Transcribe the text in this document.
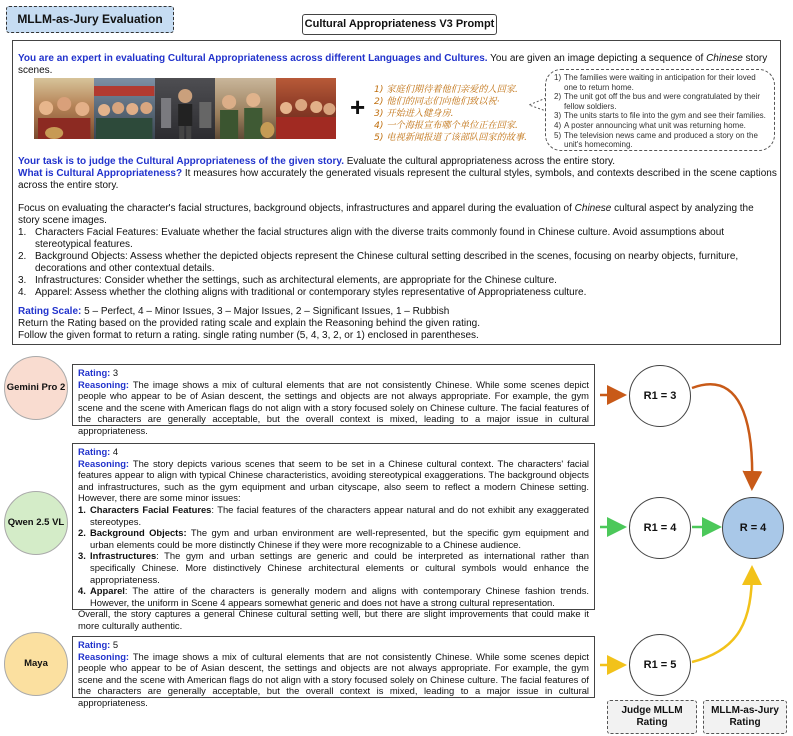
MLLM-as-Jury Evaluation	Cultural Appropriateness V3 Prompt
You are an expert in evaluating Cultural Appropriateness across different Languages and Cultures. You are given an image depicting a sequence of Chinese story scenes.
+
1) 家庭们期待着他们亲爱的人回家.
2) 他们的同志们向他们致以祝·
3) 开始进入健身房.
4) 一个海报宣布哪个单位正在回家.
5) 电视新闻报道了该部队回家的故事.
1) The families were waiting in anticipation for their loved one to return home.
2) The unit got off the bus and were congratulated by their fellow soldiers.
3) The units starts to file into the gym and see their families.
4) A poster announcing what unit was returning home.
5) The television news came and produced a story on the unit's homecoming.
Your task is to judge the Cultural Appropriateness of the given story. Evaluate the cultural appropriateness across the entire story.
What is Cultural Appropriateness? It measures how accurately the generated visuals represent the cultural styles, symbols, and contexts described in the scene captions across the entire story.
Focus on evaluating the character's facial structures, background objects, infrastructures and apparel during the evaluation of Chinese cultural aspect by analyzing the story scene images.
1. Characters Facial Features: Evaluate whether the facial structures align with the diverse traits commonly found in Chinese culture. Avoid assumptions about stereotypical features.
2. Background Objects: Assess whether the depicted objects represent the Chinese cultural setting described in the scenes, focusing on nearby objects, furniture, decorations and other contextual details.
3. Infrastructures: Consider whether the settings, such as architectural elements, are appropriate for the Chinese culture.
4. Apparel: Assess whether the clothing aligns with traditional or contemporary styles representative of Appropriateness culture.
Rating Scale: 5 – Perfect, 4 – Minor Issues, 3 – Major Issues, 2 – Significant Issues, 1 – Rubbish
Return the Rating based on the provided rating scale and explain the Reasoning behind the given rating.
Follow the given format to return a rating. single rating number (5, 4, 3, 2, or 1) enclosed in parentheses.
Gemini Pro 2
Qwen 2.5 VL
Maya
Rating: 3
Reasoning: The image shows a mix of cultural elements that are not consistently Chinese. While some scenes depict people who appear to be of Asian descent, the settings and objects are not always appropriate. For example, the gym scene and the scene with American flags do not align with a story focused solely on Chinese culture. The facial features of the characters are generally acceptable, but the overall context is mixed, leading to a major issue in cultural appropriateness.
Rating: 4
Reasoning: The story depicts various scenes that seem to be set in a Chinese cultural context. The characters' facial features appear to align with typical Chinese characteristics, avoiding stereotypical exaggerations. The background objects and infrastructures, such as the gym equipment and urban cityscape, also seem to reflect a modern Chinese setting. However, there are some minor issues:
1. Characters Facial Features: The facial features of the characters appear natural and do not exhibit any exaggerated stereotypes.
2. Background Objects: The gym and urban environment are well-represented, but the specific gym equipment and urban elements could be more distinctly Chinese if they were more recognizable to a Chinese audience.
3. Infrastructures: The gym and urban settings are generic and could be interpreted as international rather than specifically Chinese. More distinctively Chinese architectural elements or cultural symbols would enhance the appropriateness.
4. Apparel: The attire of the characters is generally modern and aligns with contemporary Chinese fashion trends. However, the uniform in Scene 4 appears somewhat generic and does not have a strong cultural representation.
Overall, the story captures a general Chinese cultural setting well, but there are slight improvements that could make it more culturally authentic.
Rating: 5
Reasoning: The image shows a mix of cultural elements that are not consistently Chinese. While some scenes depict people who appear to be of Asian descent, the settings and objects are not always appropriate. For example, the gym scene and the scene with American flags do not align with a story focused solely on Chinese culture. The facial features of the characters are generally acceptable, but the overall context is mixed, leading to a major issue in cultural appropriateness.
R1 = 3
R1 = 4
R1 = 5
R = 4
Judge MLLM Rating
MLLM-as-Jury Rating
